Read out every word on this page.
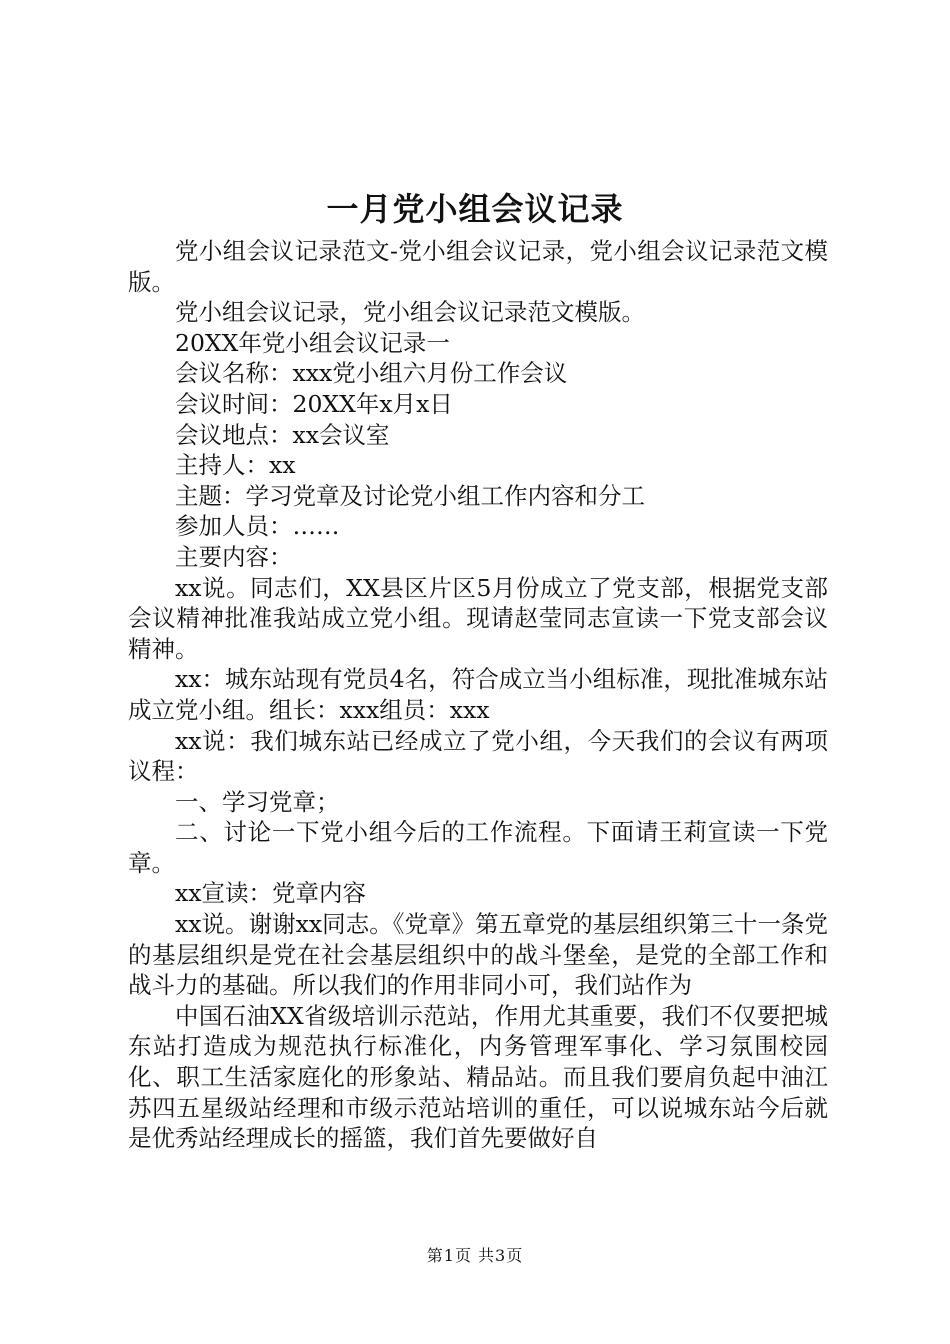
一月党小组会议记录

党小组会议记录范文-党小组会议记录，党小组会议记录范文模版。

党小组会议记录，党小组会议记录范文模版。

20XX年党小组会议记录一

会议名称：xxx党小组六月份工作会议

会议时间：20XX年x月x日

会议地点：xx会议室

主持人：xx

主题：学习党章及讨论党小组工作内容和分工

参加人员：……

主要内容：

xx说。同志们，XX县区片区5月份成立了党支部，根据党支部会议精神批准我站成立党小组。现请赵莹同志宣读一下党支部会议精神。

xx：城东站现有党员4名，符合成立当小组标准，现批准城东站成立党小组。组长：xxx组员：xxx

xx说：我们城东站已经成立了党小组，今天我们的会议有两项议程：

一、学习党章；

二、讨论一下党小组今后的工作流程。下面请王莉宣读一下党章。

xx宣读：党章内容

xx说。谢谢xx同志。《党章》第五章党的基层组织第三十一条党的基层组织是党在社会基层组织中的战斗堡垒，是党的全部工作和战斗力的基础。所以我们的作用非同小可，我们站作为

中国石油XX省级培训示范站，作用尤其重要，我们不仅要把城东站打造成为规范执行标准化，内务管理军事化、学习氛围校园化、职工生活家庭化的形象站、精品站。而且我们要肩负起中油江苏四五星级站经理和市级示范站培训的重任，可以说城东站今后就是优秀站经理成长的摇篮，我们首先要做好自

第1页 共3页
